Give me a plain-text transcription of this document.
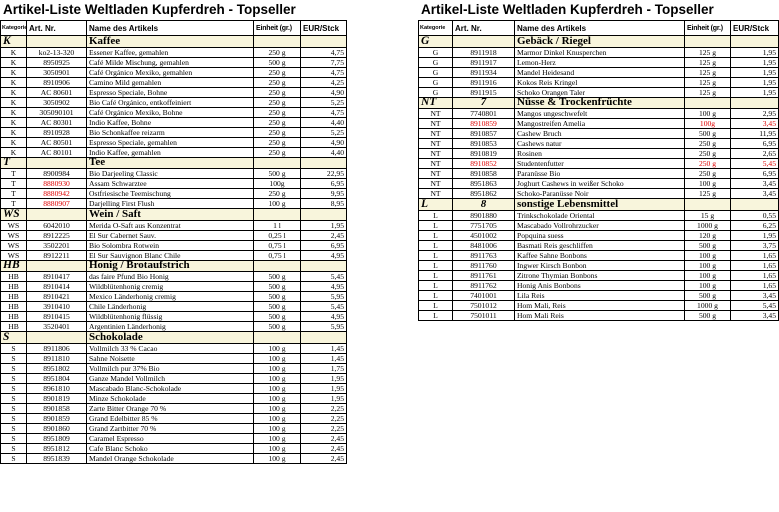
Artikel-Liste Weltladen Kupferdreh - Topseller
Kategorie	Art. Nr.	Name des Artikels	Einheit (gr.)	EUR/Stck
K		Kaffee		
K	ko2-13-320	Essener Kaffee, gemahlen	250 g	4,75
K	8950925	Café Milde Mischung, gemahlen	500 g	7,75
K	3050901	Café Orgánico Mexiko, gemahlen	250 g	4,75
K	8910906	Camino Mild gemahlen	250 g	4,25
K	AC 80601	Espresso Speciale, Bohne	250 g	4,90
K	3050902	Bio Café Orgánico, entkoffeiniert	250 g	5,25
K	305090101	Café Orgánico Mexiko, Bohne	250 g	4,75
K	AC 80301	Indio Kaffee, Bohne	250 g	4,40
K	8910928	Bio Schonkaffee reizarm	250 g	5,25
K	AC 80501	Espresso Speciale, gemahlen	250 g	4,90
K	AC 80101	Indio Kaffee, gemahlen	250 g	4,40
T		Tee		
T	8900984	Bio Darjeeling Classic	500 g	22,95
T	8880930	Assam Schwarztee	100g	6,95
T	8880942	Ostfriesische Teemischung	250 g	9,95
T	8880907	Darjelling First Flush	100 g	8,95
WS		Wein / Saft		
WS	6042010	Merida O-Saft aus Konzentrat	1 l	1,95
WS	8912225	El Sur Cabernet Sauv.	0,25 l	2,45
WS	3502201	Bio Solombra Rotwein	0,75 l	6,95
WS	8912211	El Sur Sauvignon Blanc Chile	0,75 l	4,95
HB		Honig / Brotaufstrich		
HB	8910417	das faire Pfund Bio Honig	500 g	5,45
HB	8910414	Wildblütenhonig cremig	500 g	4,95
HB	8910421	Mexico Länderhonig cremig	500 g	5,95
HB	3910410	Chile Länderhonig	500 g	5,45
HB	8910415	Wildblütenhonig flüssig	500 g	4,95
HB	3520401	Argentinien Länderhonig	500 g	5,95
S		Schokolade		
S	8911806	Vollmilch 33 % Cacao	100 g	1,45
S	8911810	Sahne Noisette	100 g	1,45
S	8951802	Vollmilch pur 37% Bio	100 g	1,75
S	8951804	Ganze Mandel Vollmilch	100 g	1,95
S	8961810	Mascabado Blanc-Schokolade	100 g	1,95
S	8901819	Minze Schokolade	100 g	1,95
S	8901858	Zarte Bitter Orange 70 %	100 g	2,25
S	8901859	Grand Edelbitter 85 %	100 g	2,25
S	8901860	Grand Zartbitter 70 %	100 g	2,25
S	8951809	Caramel Espresso	100 g	2,45
S	8951812	Cafe Blanc Schoko	100 g	2,45
S	8951839	Mandel Orange Schokolade	100 g	2,45
Artikel-Liste Weltladen Kupferdreh - Topseller
Kategorie	Art. Nr.	Name des Artikels	Einheit (gr.)	EUR/Stck
G		Gebäck / Riegel		
G	8911918	Marmor Dinkel Knusperchen	125 g	1,95
G	8911917	Lemon-Herz	125 g	1,95
G	8911934	Mandel Heidesand	125 g	1,95
G	8911916	Kokos Reis Kringel	125 g	1,95
G	8911915	Schoko Orangen Taler	125 g	1,95
NT	7	Nüsse & Trockenfrüchte		
NT	7740801	Mangos ungeschwefelt	100 g	2,95
NT	8910859	Mangostreifen Amelia	100g	3,45
NT	8910857	Cashew Bruch	500 g	11,95
NT	8910853	Cashews natur	250 g	6,95
NT	8910819	Rosinen	250 g	2,65
NT	8910852	Studentenfutter	250 g	5,45
NT	8910858	Paranüsse Bio	250 g	6,95
NT	8951863	Joghurt Cashews in weißer Schoko	100 g	3,45
NT	8951862	Schoko-Paranüsse Noir	125 g	3,45
L	8	sonstige Lebensmittel		
L	8901880	Trinkschokolade Oriental	15 g	0,55
L	7751705	Mascabado Vollrohrzucker	1000 g	6,25
L	4501002	Popquina suess	120 g	1,95
L	8481006	Basmati Reis geschliffen	500 g	3,75
L	8911763	Kaffee Sahne Bonbons	100 g	1,65
L	8911760	Ingwer Kirsch Bonbon	100 g	1,65
L	8911761	Zitrone Thymian Bonbons	100 g	1,65
L	8911762	Honig Anis Bonbons	100 g	1,65
L	7401001	Lila Reis	500 g	3,45
L	7501012	Hom Mali, Reis	1000 g	5,45
L	7501011	Hom Mali Reis	500 g	3,45
